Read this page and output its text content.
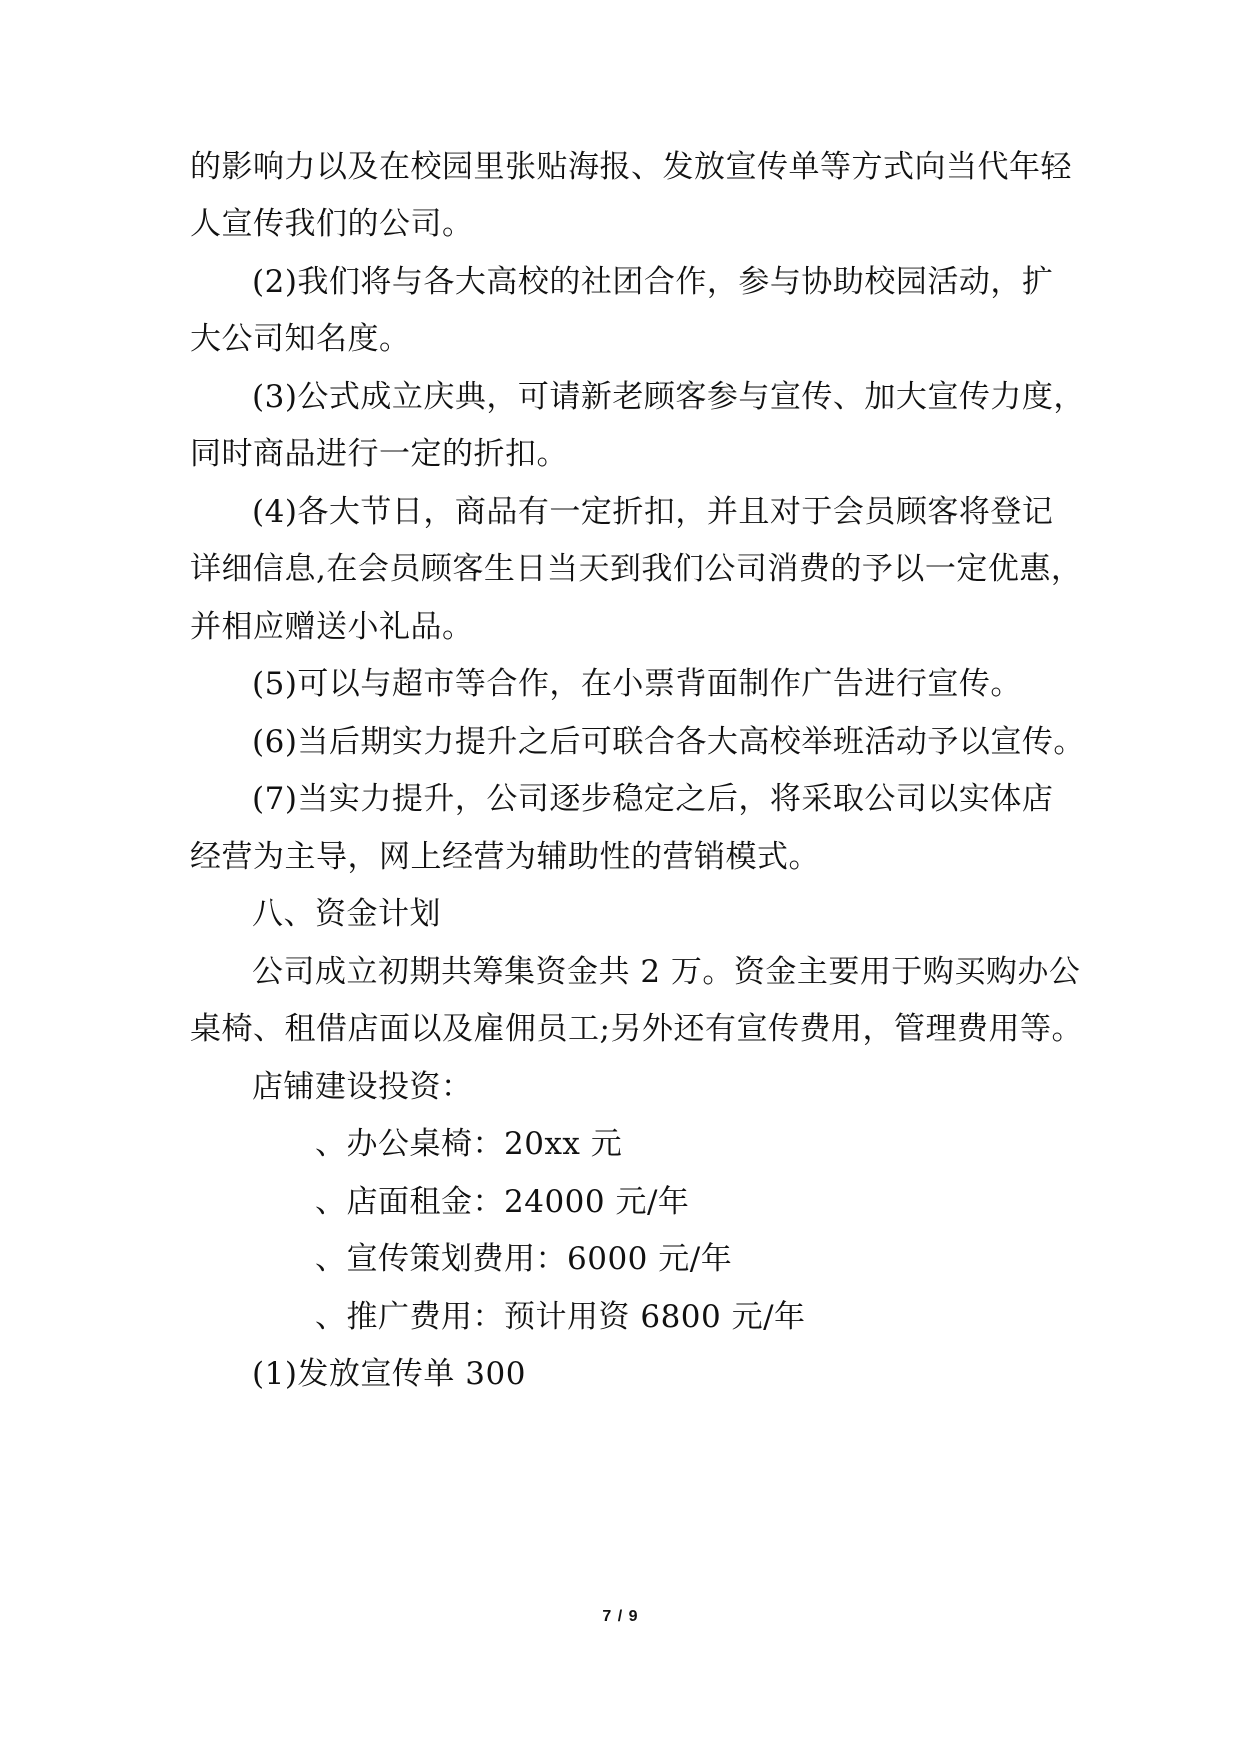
的影响力以及在校园里张贴海报、发放宣传单等方式向当代年轻
人宣传我们的公司。
(2)我们将与各大高校的社团合作，参与协助校园活动，扩
大公司知名度。
(3)公式成立庆典，可请新老顾客参与宣传、加大宣传力度，
同时商品进行一定的折扣。
(4)各大节日，商品有一定折扣，并且对于会员顾客将登记
详细信息,在会员顾客生日当天到我们公司消费的予以一定优惠，
并相应赠送小礼品。
(5)可以与超市等合作，在小票背面制作广告进行宣传。
(6)当后期实力提升之后可联合各大高校举班活动予以宣传。
(7)当实力提升，公司逐步稳定之后，将采取公司以实体店
经营为主导，网上经营为辅助性的营销模式。
八、资金计划
公司成立初期共筹集资金共 2 万。资金主要用于购买购办公
桌椅、租借店面以及雇佣员工;另外还有宣传费用，管理费用等。
店铺建设投资：
、办公桌椅：20xx 元
、店面租金：24000 元/年
、宣传策划费用：6000 元/年
、推广费用：预计用资 6800 元/年
(1)发放宣传单 300
7 / 9
